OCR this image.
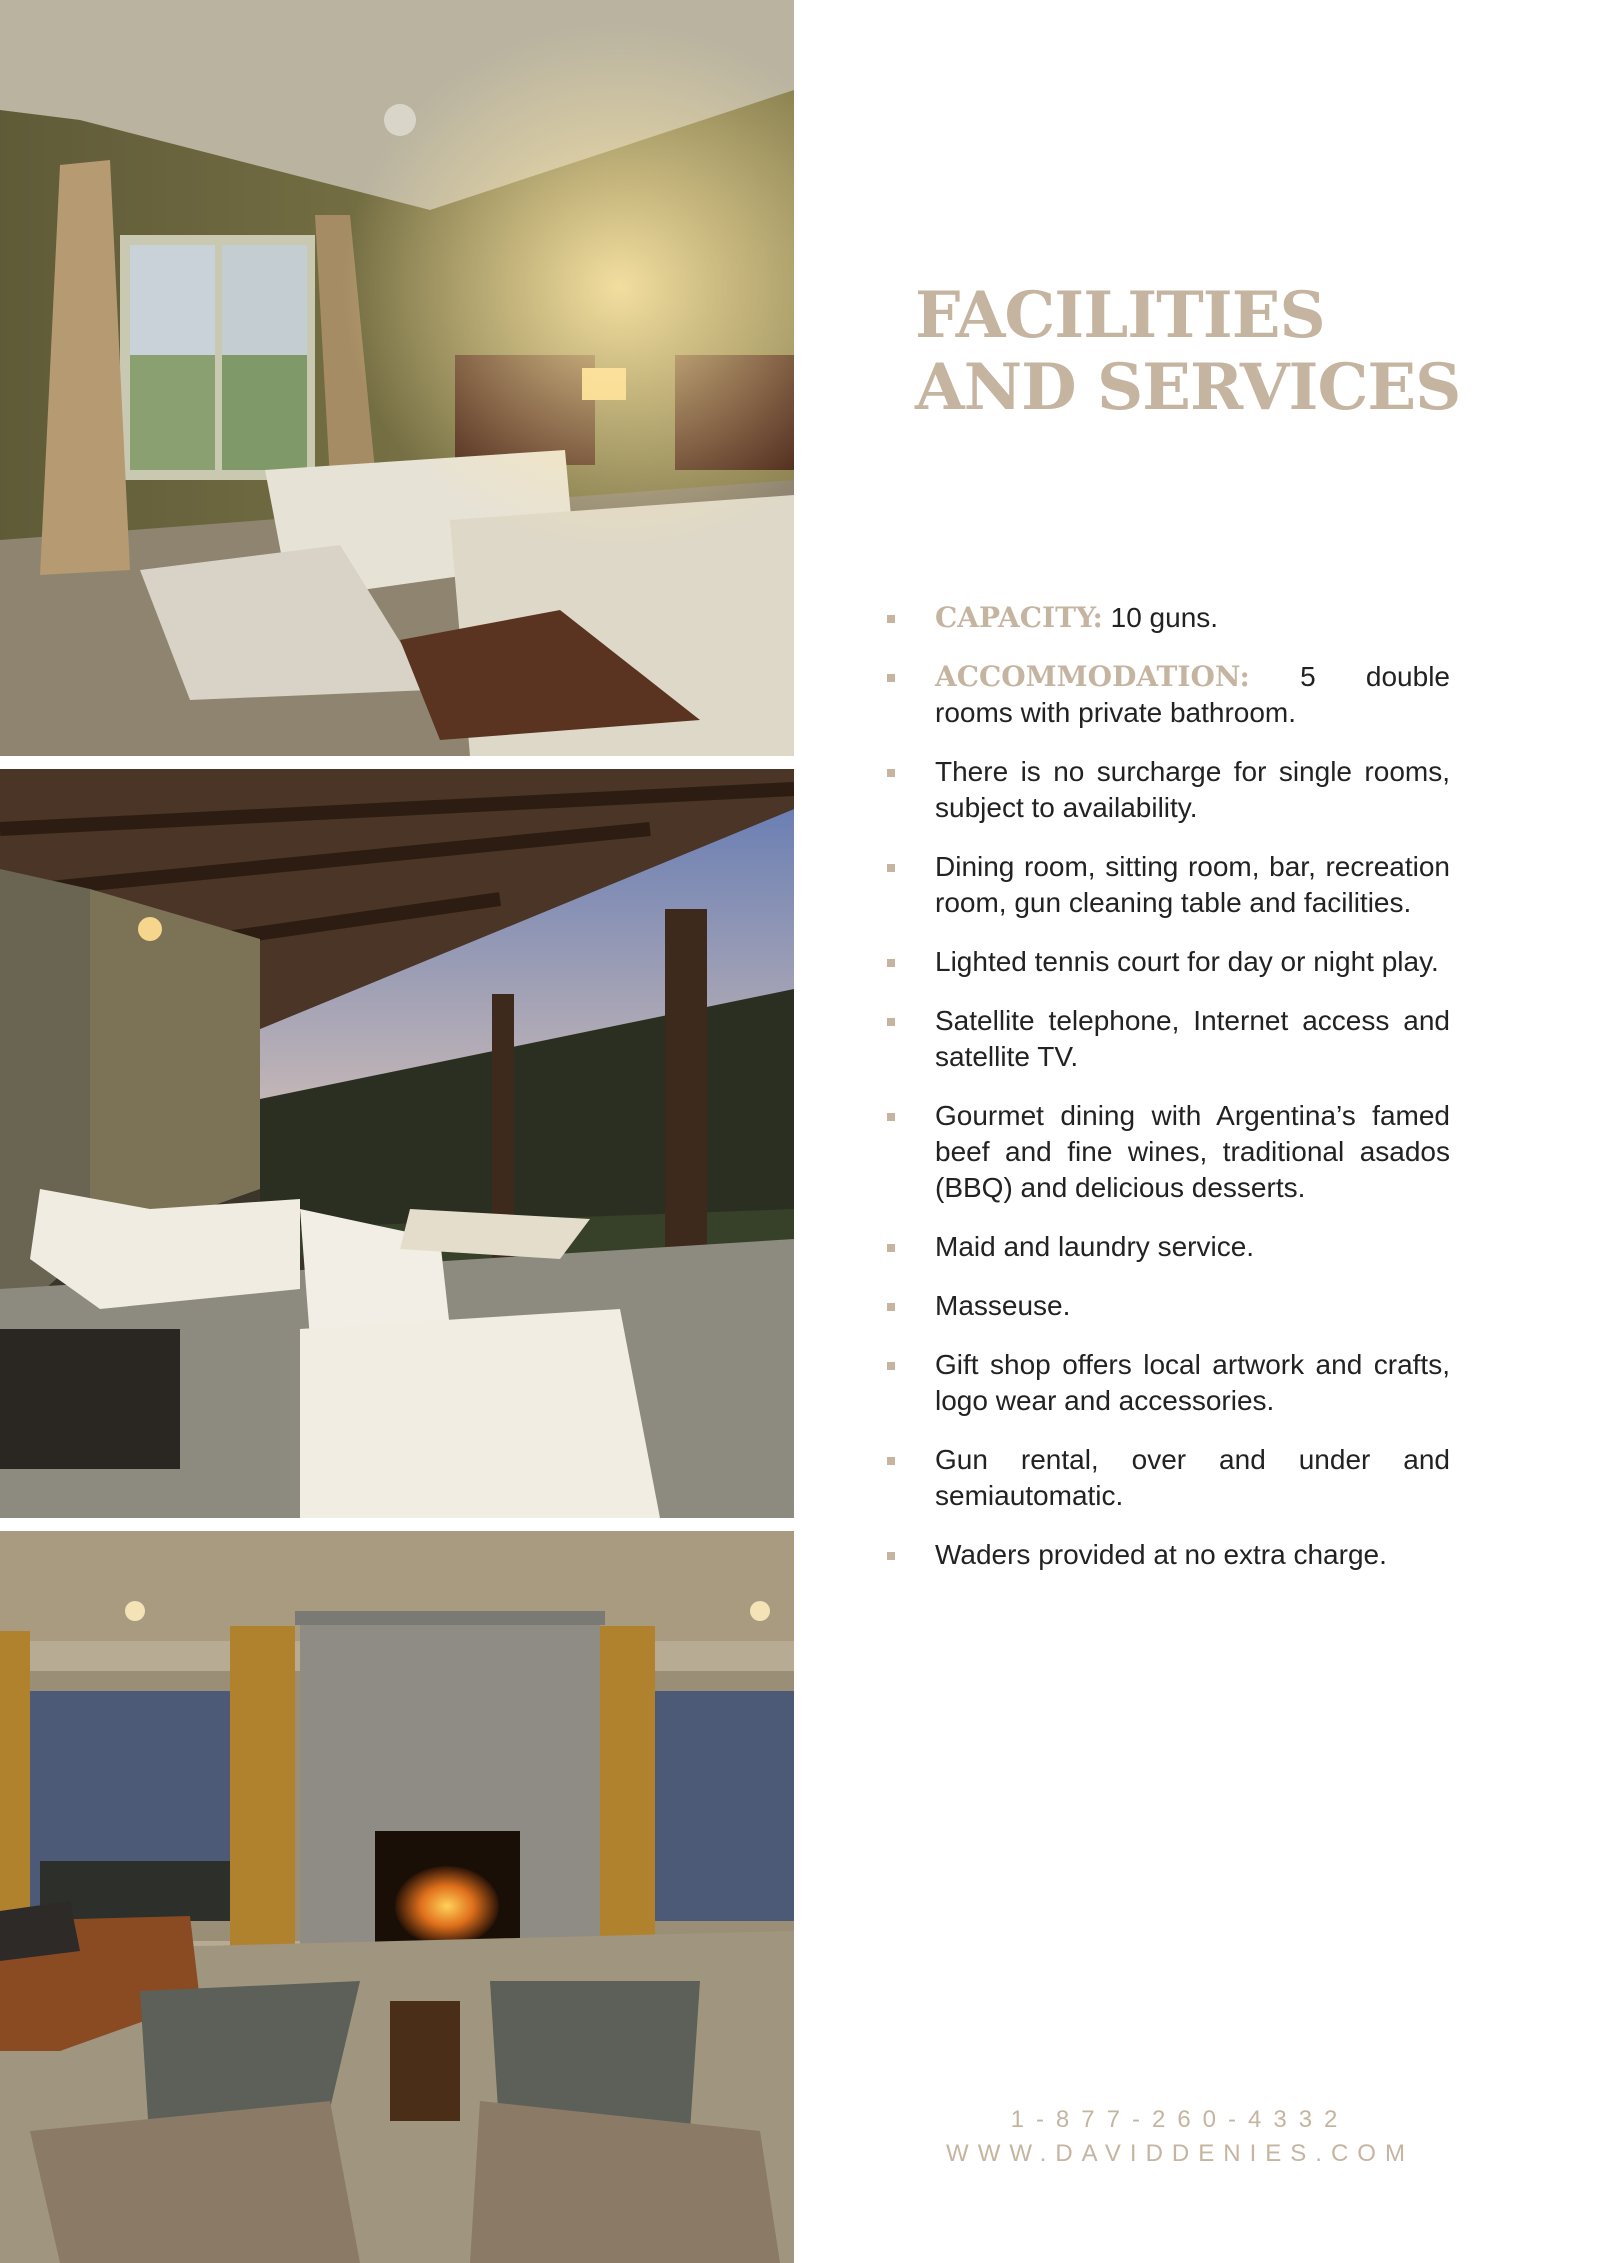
FACILITIES
AND SERVICES
CAPACITY: 10 guns.
ACCOMMODATION: 5 double rooms with private bathroom.
There is no surcharge for single rooms, subject to availability.
Dining room, sitting room, bar, recreation room, gun cleaning table and facilities.
Lighted tennis court for day or night play.
Satellite telephone, Internet access and satellite TV.
Gourmet dining with Argentina’s famed beef and fine wines, traditional asados (BBQ) and delicious desserts.
Maid and laundry service.
Masseuse.
Gift shop offers local artwork and crafts, logo wear and accessories.
Gun rental, over and under and semiautomatic.
Waders provided at no extra charge.
1-877-260-4332
WWW.DAVIDDENIES.COM
